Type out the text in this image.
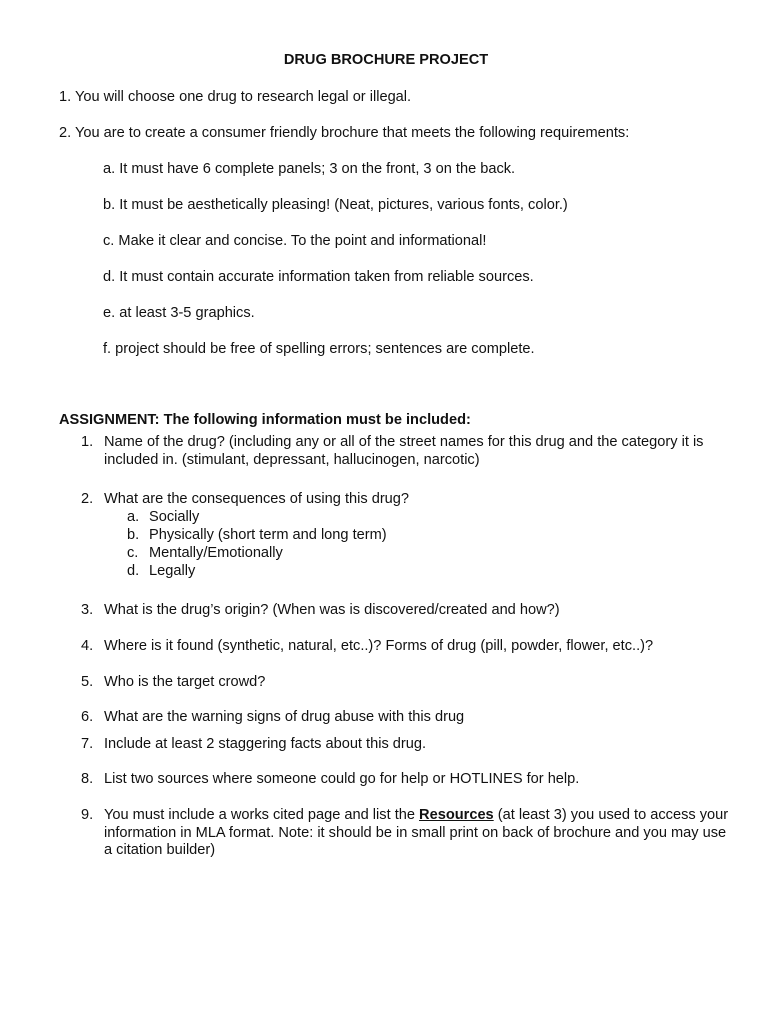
DRUG BROCHURE PROJECT
1. You will choose one drug to research legal or illegal.
2. You are to create a consumer friendly brochure that meets the following requirements:
a. It must have 6 complete panels; 3 on the front, 3 on the back.
b. It must be aesthetically pleasing! (Neat, pictures, various fonts, color.)
c. Make it clear and concise. To the point and informational!
d. It must contain accurate information taken from reliable sources.
e. at least 3-5 graphics.
f. project should be free of spelling errors; sentences are complete.
ASSIGNMENT: The following information must be included:
1. Name of the drug? (including any or all of the street names for this drug and the category it is included in. (stimulant, depressant, hallucinogen, narcotic)
2. What are the consequences of using this drug?
a. Socially
b. Physically (short term and long term)
c. Mentally/Emotionally
d. Legally
3. What is the drug’s origin? (When was is discovered/created and how?)
4. Where is it found (synthetic, natural, etc..)? Forms of drug (pill, powder, flower, etc..)?
5. Who is the target crowd?
6. What are the warning signs of drug abuse with this drug
7. Include at least 2 staggering facts about this drug.
8. List two sources where someone could go for help or HOTLINES for help.
9. You must include a works cited page and list the Resources (at least 3) you used to access your information in MLA format. Note: it should be in small print on back of brochure and you may use a citation builder)
